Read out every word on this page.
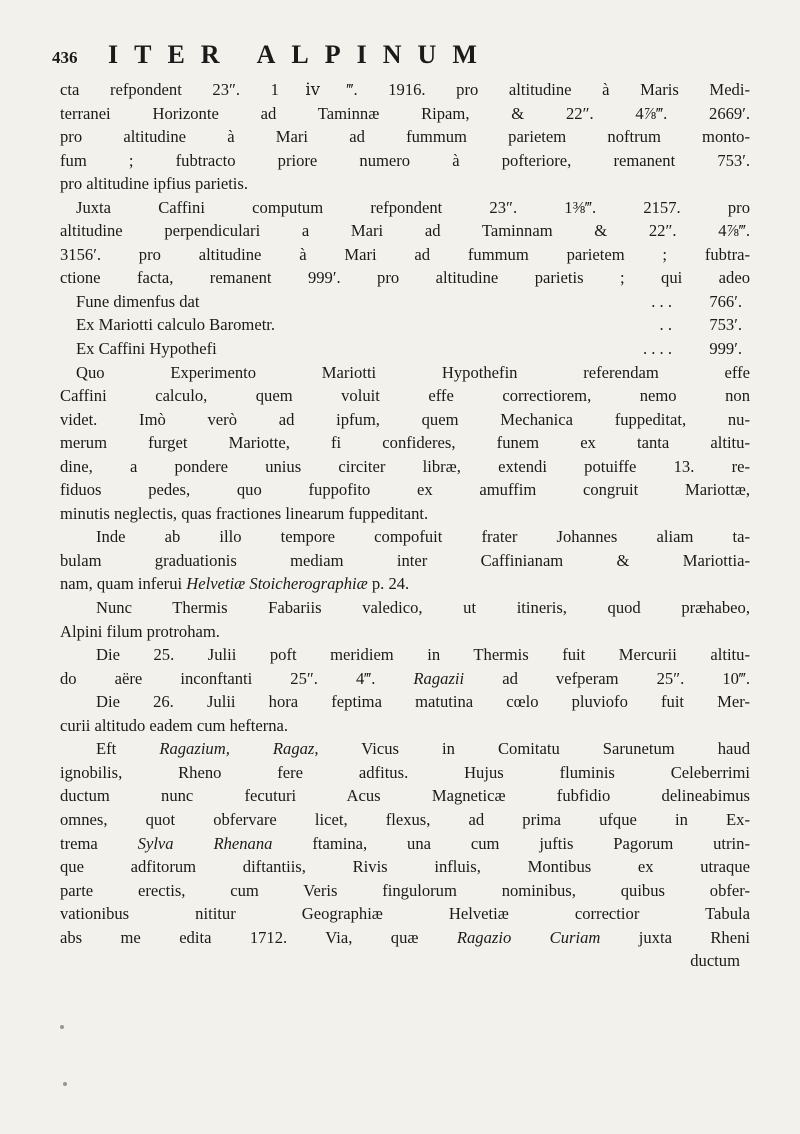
436	ITER ALPINUM
cta refpondent 23″. 1ⅳ‴. 1916. pro altitudine à Maris Medi-
terranei Horizonte ad Taminnæ Ripam, & 22″. 4⅞‴. 2669′.
pro altitudine à Mari ad fummum parietem noftrum monto-
fum ; fubtracto priore numero à pofteriore, remanent 753′.
pro altitudine ipfius parietis.
Juxta Caffini computum refpondent 23″. 1⅜‴. 2157. pro
altitudine perpendiculari a Mari ad Taminnam & 22″. 4⅞‴.
3156′. pro altitudine à Mari ad fummum parietem ; fubtra-
ctione facta, remanent 999′. pro altitudine parietis ; qui adeo
Fune dimenfus dat	. . .	766′.
Ex Mariotti calculo Barometr.	. .	753′.
Ex Caffini Hypothefi	. . . .	999′.
Quo Experimento Mariotti Hypothefin referendam effe
Caffini calculo, quem voluit effe correctiorem, nemo non
videt. Imò verò ad ipfum, quem Mechanica fuppeditat, nu-
merum furget Mariotte, fi confideres, funem ex tanta altitu-
dine, a pondere unius circiter libræ, extendi potuiffe 13. re-
fiduos pedes, quo fuppofito ex amuffim congruit Mariottæ,
minutis neglectis, quas fractiones linearum fuppeditant.
Inde ab illo tempore compofuit frater Johannes aliam ta-
bulam graduationis mediam inter Caffinianam & Mariottia-
nam, quam inferui Helvetiæ Stoicherographiæ p. 24.
Nunc Thermis Fabariis valedico, ut itineris, quod præhabeo,
Alpini filum protroham.
Die 25. Julii poft meridiem in Thermis fuit Mercurii altitu-
do aëre inconftanti 25″. 4‴. Ragazii ad vefperam 25″. 10‴.
Die 26. Julii hora feptima matutina cœlo pluviofo fuit Mer-
curii altitudo eadem cum hefterna.
Eft Ragazium, Ragaz, Vicus in Comitatu Sarunetum haud
ignobilis, Rheno fere adfitus. Hujus fluminis Celeberrimi
ductum nunc fecuturi Acus Magneticæ fubfidio delineabimus
omnes, quot obfervare licet, flexus, ad prima ufque in Ex-
trema Sylva Rhenana ftamina, una cum juftis Pagorum utrin-
que adfitorum diftantiis, Rivis influis, Montibus ex utraque
parte erectis, cum Veris fingulorum nominibus, quibus obfer-
vationibus nititur Geographiæ Helvetiæ correctior Tabula
abs me edita 1712. Via, quæ Ragazio Curiam juxta Rheni
ductum
